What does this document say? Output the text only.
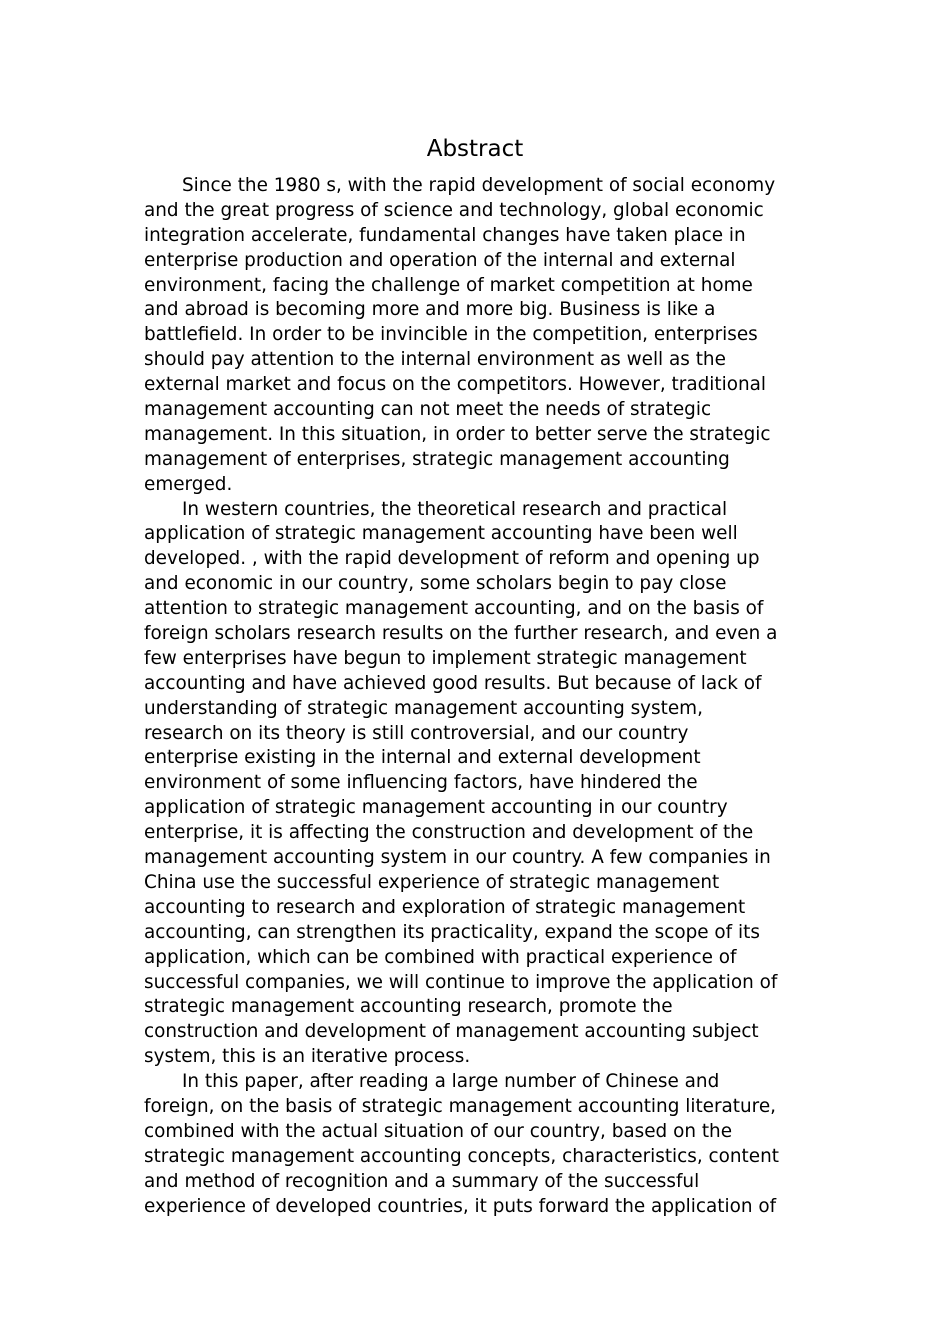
Abstract
Since the 1980 s, with the rapid development of social economy
and the great progress of science and technology, global economic
integration accelerate, fundamental changes have taken place in
enterprise production and operation of the internal and external
environment, facing the challenge of market competition at home
and abroad is becoming more and more big. Business is like a
battlefield. In order to be invincible in the competition, enterprises
should pay attention to the internal environment as well as the
external market and focus on the competitors. However, traditional
management accounting can not meet the needs of strategic
management. In this situation, in order to better serve the strategic
management of enterprises, strategic management accounting
emerged.
In western countries, the theoretical research and practical
application of strategic management accounting have been well
developed. , with the rapid development of reform and opening up
and economic in our country, some scholars begin to pay close
attention to strategic management accounting, and on the basis of
foreign scholars research results on the further research, and even a
few enterprises have begun to implement strategic management
accounting and have achieved good results. But because of lack of
understanding of strategic management accounting system,
research on its theory is still controversial, and our country
enterprise existing in the internal and external development
environment of some influencing factors, have hindered the
application of strategic management accounting in our country
enterprise, it is affecting the construction and development of the
management accounting system in our country. A few companies in
China use the successful experience of strategic management
accounting to research and exploration of strategic management
accounting, can strengthen its practicality, expand the scope of its
application, which can be combined with practical experience of
successful companies, we will continue to improve the application of
strategic management accounting research, promote the
construction and development of management accounting subject
system, this is an iterative process.
In this paper, after reading a large number of Chinese and
foreign, on the basis of strategic management accounting literature,
combined with the actual situation of our country, based on the
strategic management accounting concepts, characteristics, content
and method of recognition and a summary of the successful
experience of developed countries, it puts forward the application of
